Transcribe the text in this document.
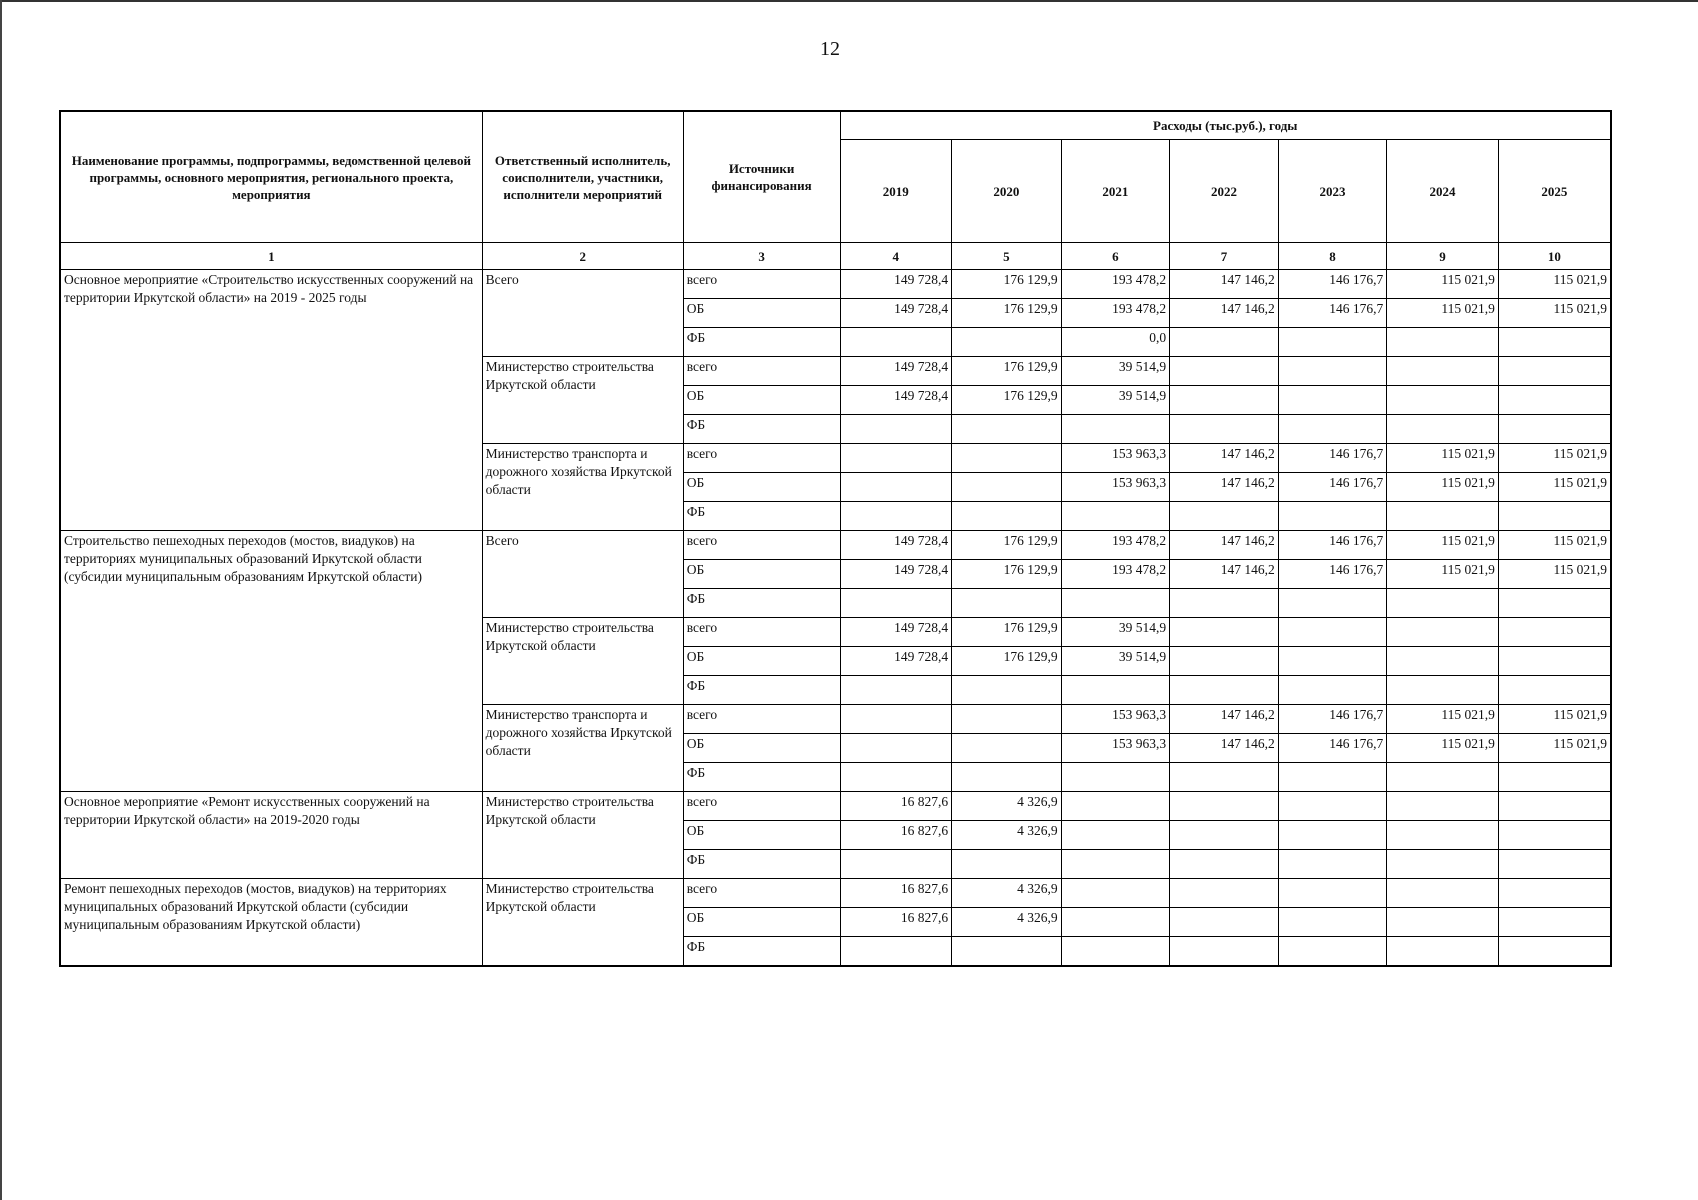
12
Наименование программы, подпрограммы, ведомственной целевой программы, основного мероприятия, регионального проекта, мероприятия	Ответственный исполнитель, соисполнители, участники, исполнители мероприятий	Источники финансирования	Расходы (тыс.руб.), годы						
			2019	2020	2021	2022	2023	2024	2025
1	2	3	4	5	6	7	8	9	10
Основное мероприятие «Строительство искусственных сооружений на территории Иркутской области» на 2019 - 2025 годы	Всего	всего	149 728,4	176 129,9	193 478,2	147 146,2	146 176,7	115 021,9	115 021,9
		ОБ	149 728,4	176 129,9	193 478,2	147 146,2	146 176,7	115 021,9	115 021,9
		ФБ			0,0				
	Министерство строительства Иркутской области	всего	149 728,4	176 129,9	39 514,9				
		ОБ	149 728,4	176 129,9	39 514,9				
		ФБ							
	Министерство транспорта и дорожного хозяйства Иркутской области	всего			153 963,3	147 146,2	146 176,7	115 021,9	115 021,9
		ОБ			153 963,3	147 146,2	146 176,7	115 021,9	115 021,9
		ФБ							
Строительство пешеходных переходов (мостов, виадуков) на территориях муниципальных образований Иркутской области (субсидии муниципальным образованиям Иркутской области)	Всего	всего	149 728,4	176 129,9	193 478,2	147 146,2	146 176,7	115 021,9	115 021,9
		ОБ	149 728,4	176 129,9	193 478,2	147 146,2	146 176,7	115 021,9	115 021,9
		ФБ							
	Министерство строительства Иркутской области	всего	149 728,4	176 129,9	39 514,9				
		ОБ	149 728,4	176 129,9	39 514,9				
		ФБ							
	Министерство транспорта и дорожного хозяйства Иркутской области	всего			153 963,3	147 146,2	146 176,7	115 021,9	115 021,9
		ОБ			153 963,3	147 146,2	146 176,7	115 021,9	115 021,9
		ФБ							
Основное мероприятие «Ремонт искусственных сооружений на территории Иркутской области» на 2019-2020 годы	Министерство строительства Иркутской области	всего	16 827,6	4 326,9					
		ОБ	16 827,6	4 326,9					
		ФБ							
Ремонт пешеходных переходов (мостов, виадуков) на территориях муниципальных образований Иркутской области (субсидии муниципальным образованиям Иркутской области)	Министерство строительства Иркутской области	всего	16 827,6	4 326,9					
		ОБ	16 827,6	4 326,9					
		ФБ							
